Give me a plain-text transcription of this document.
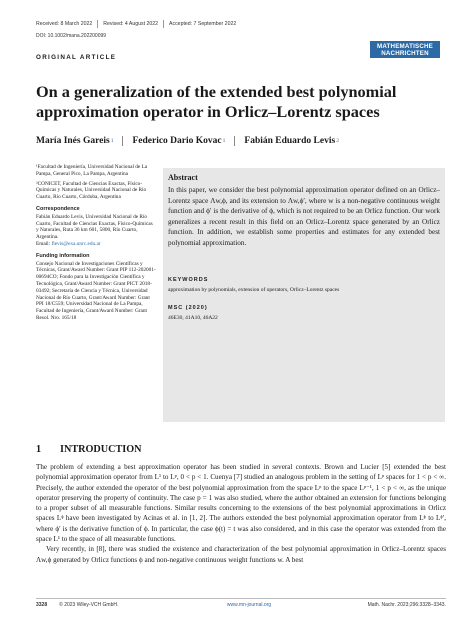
Received: 8 March 2022 Revised: 4 August 2022 Accepted: 7 September 2022
DOI: 10.1002/mana.202200099
MATHEMATISCHE
NACHRICHTEN
ORIGINAL ARTICLE
On a generalization of the extended best polynomial approximation operator in Orlicz–Lorentz spaces
María Inés Gareis 1 Federico Dario Kovac 1 Fabián Eduardo Levis 2

¹Facultad de Ingeniería, Universidad Nacional de La Pampa, General Pico, La Pampa, Argentina

²CONICET, Facultad de Ciencias Exactas, Físico-Químicas y Naturales, Universidad Nacional de Río Cuarto, Río Cuarto, Córdoba, Argentina

Correspondence

Fabián Eduardo Levis, Universidad Nacional de Río Cuarto, Facultad de Ciencias Exactas, Físico-Químicas y Naturales, Ruta 36 km 601, 5800, Río Cuarto, Argentina.
Email: flevis@exa.unrc.edu.ar

Funding information

Consejo Nacional de Investigaciones Científicas y Técnicas, Grant/Award Number: Grant PIP 112-202001-00694CO; Fondo para la Investigación Científica y Tecnológica, Grant/Award Number: Grant PICT 2018-03492; Secretaría de Ciencia y Técnica, Universidad Nacional de Río Cuarto, Grant/Award Number: Grant PPI 18/C559; Universidad Nacional de La Pampa, Facultad de Ingeniería, Grant/Award Number: Grant Resol. Nro. 165/18

Abstract
In this paper, we consider the best polynomial approximation operator defined on an Orlicz–Lorentz space Λw,ϕ, and its extension to Λw,ϕ′, where w is a non-negative continuous weight function and ϕ′ is the derivative of ϕ, which is not required to be an Orlicz function. Our work generalizes a recent result in this field on an Orlicz–Lorentz space generated by an Orlicz function. In addition, we establish some properties and estimates for any extended best polynomial approximation.
KEYWORDS
approximation by polynomials, extension of operators, Orlicz–Lorentz spaces
MSC (2020)
46E30, 41A10, 46A22
1	INTRODUCTION

The problem of extending a best approximation operator has been studied in several contexts. Brown and Lucier [5] extended the best polynomial approximation operator from L¹ to Lᵖ, 0 < p < 1. Cuenya [7] studied an analogous problem in the setting of Lᵖ spaces for 1 < p < ∞. Precisely, the author extended the operator of the best polynomial approximation from the space Lᵖ to the space Lᵖ⁻¹, 1 < p < ∞, as the unique operator preserving the property of continuity. The case p = 1 was also studied, where the author obtained an extension for functions belonging to a proper subset of all measurable functions. Similar results concerning to the extensions of the best polynomial approximations in Orlicz spaces Lᶲ have been investigated by Acinas et al. in [1, 2]. The authors extended the best polynomial approximation operator from Lᶲ to Lᶲ′, where ϕ′ is the derivative function of ϕ. In particular, the case ϕ(t) = t was also considered, and in this case the operator was extended from the space L¹ to the space of all measurable functions.

Very recently, in [8], there was studied the existence and characterization of the best polynomial approximation in Orlicz–Lorentz spaces Λw,ϕ generated by Orlicz functions ϕ and non-negative continuous weight functions w. A best

3328 © 2023 Wiley-VCH GmbH.	www.mn-journal.org	Math. Nachr. 2023;296:3328–3343.
